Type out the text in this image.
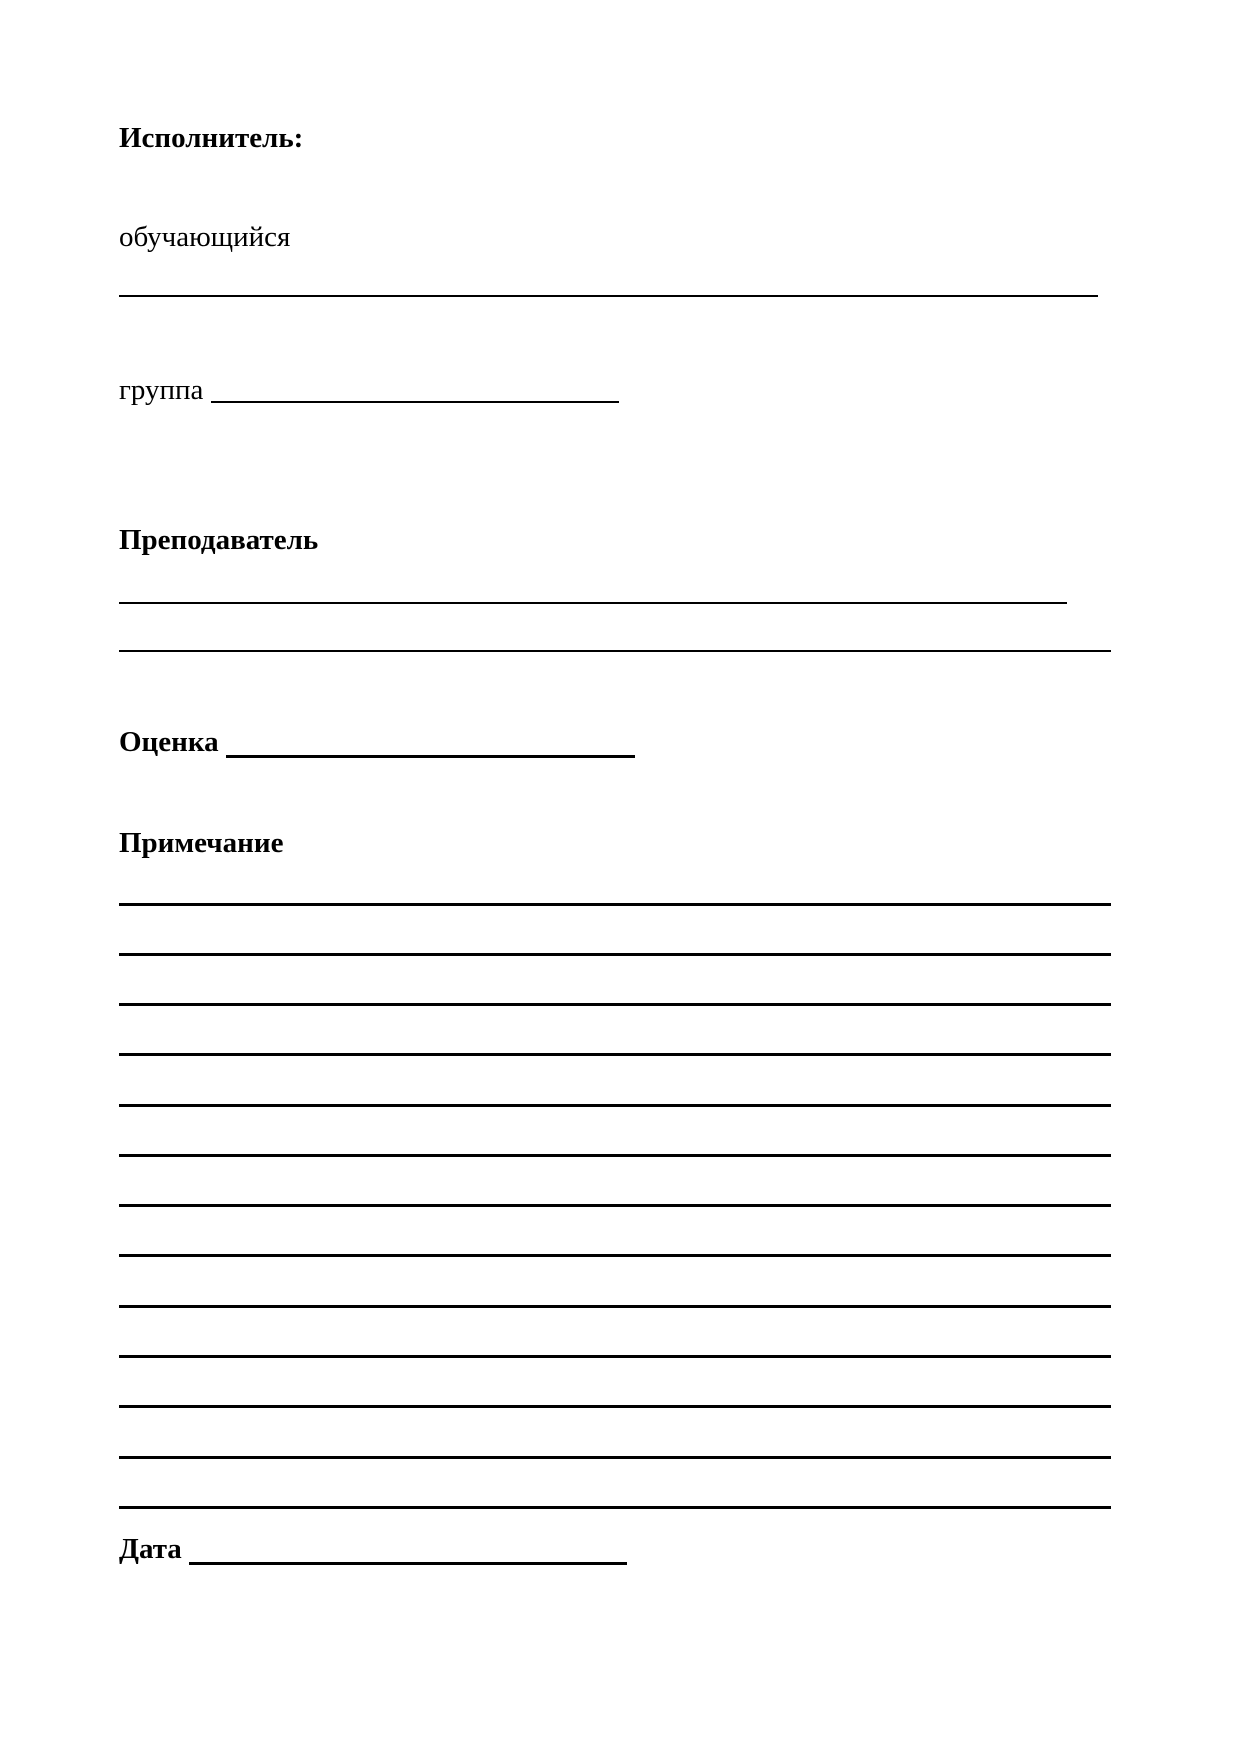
Исполнитель:
обучающийся
группа
Преподаватель
Оценка
Примечание
Дата
